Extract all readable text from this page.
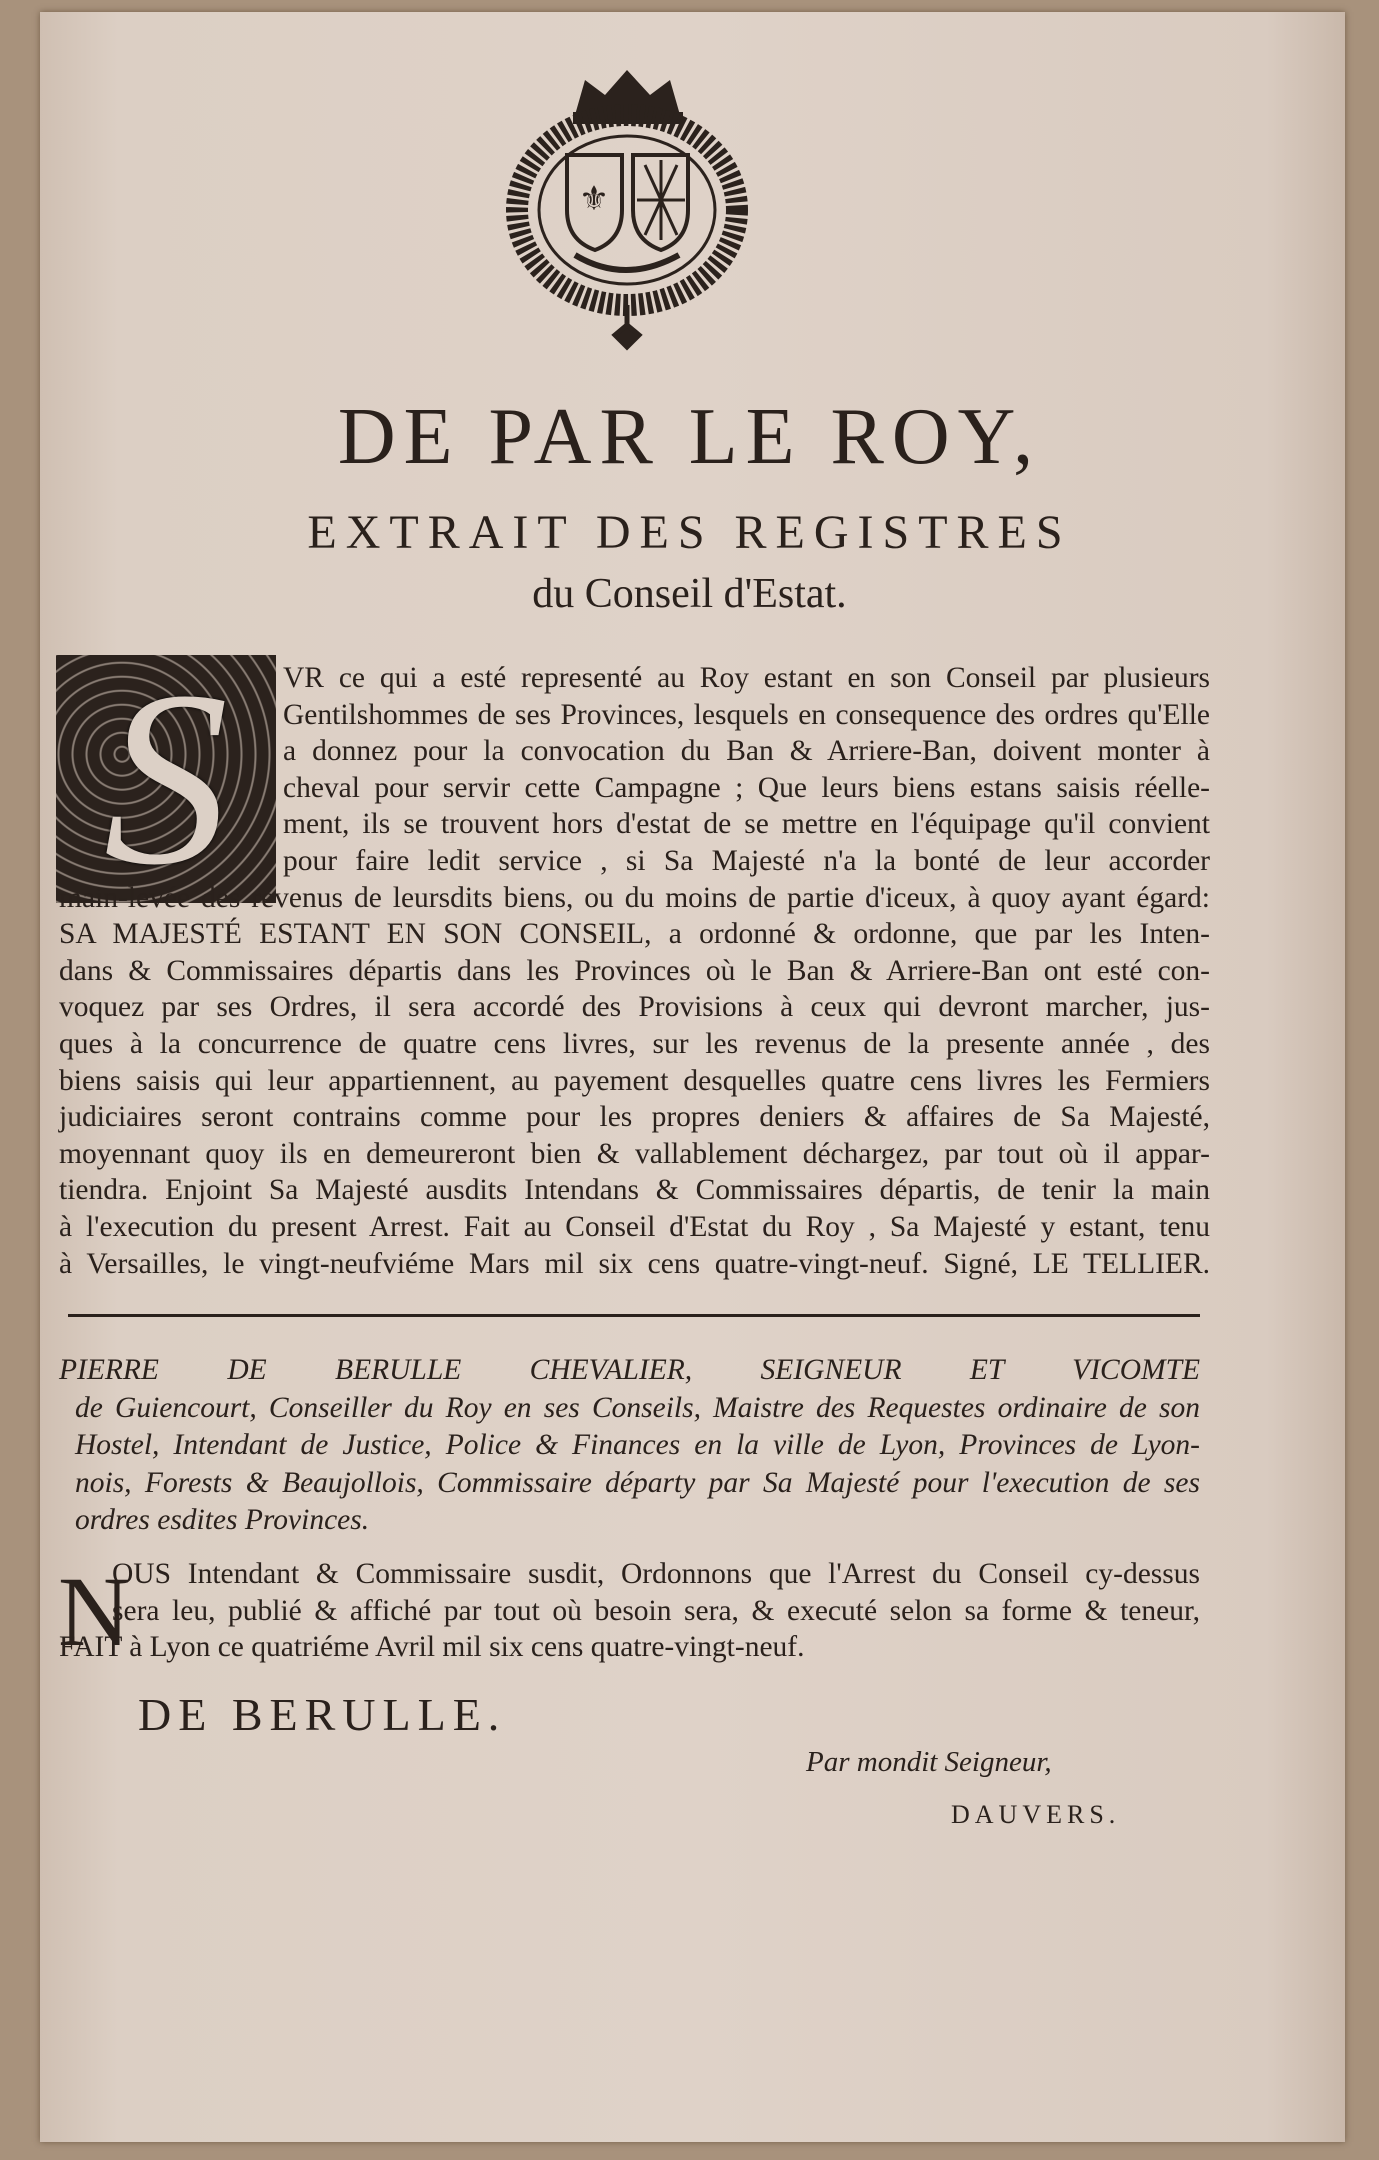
⚜
DE PAR LE ROY,
EXTRAIT DES REGISTRES
du Conseil d'Estat.
S	VR ce qui a esté representé au Roy estant en son Conseil par plusieurs
Gentilshommes de ses Provinces, lesquels en consequence des ordres qu'Elle
a donnez pour la convocation du Ban & Arriere-Ban, doivent monter à
cheval pour servir cette Campagne ; Que leurs biens estans saisis réelle-
ment, ils se trouvent hors d'estat de se mettre en l'équipage qu'il convient
pour faire ledit service , si Sa Majesté n'a la bonté de leur accorder
main-levée des revenus de leursdits biens, ou du moins de partie d'iceux, à quoy ayant égard:
SA MAJESTÉ ESTANT EN SON CONSEIL, a ordonné & ordonne, que par les Inten-
dans & Commissaires départis dans les Provinces où le Ban & Arriere-Ban ont esté con-
voquez par ses Ordres, il sera accordé des Provisions à ceux qui devront marcher, jus-
ques à la concurrence de quatre cens livres, sur les revenus de la presente année , des
biens saisis qui leur appartiennent, au payement desquelles quatre cens livres les Fermiers
judiciaires seront contrains comme pour les propres deniers & affaires de Sa Majesté,
moyennant quoy ils en demeureront bien & vallablement déchargez, par tout où il appar-
tiendra. Enjoint Sa Majesté ausdits Intendans & Commissaires départis, de tenir la main
à l'execution du present Arrest. Fait au Conseil d'Estat du Roy , Sa Majesté y estant, tenu
à Versailles, le vingt-neufviéme Mars mil six cens quatre-vingt-neuf. Signé, LE TELLIER.
PIERRE DE BERULLE CHEVALIER, SEIGNEUR ET VICOMTE
de Guiencourt, Conseiller du Roy en ses Conseils, Maistre des Requestes ordinaire de son
Hostel, Intendant de Justice, Police & Finances en la ville de Lyon, Provinces de Lyon-
nois, Forests & Beaujollois, Commissaire départy par Sa Majesté pour l'execution de ses
ordres esdites Provinces.
N
OUS Intendant & Commissaire susdit, Ordonnons que l'Arrest du Conseil cy-dessus
sera leu, publié & affiché par tout où besoin sera, & executé selon sa forme & teneur,
FAIT à Lyon ce quatriéme Avril mil six cens quatre-vingt-neuf.
DE BERULLE.
Par mondit Seigneur,
DAUVERS.
